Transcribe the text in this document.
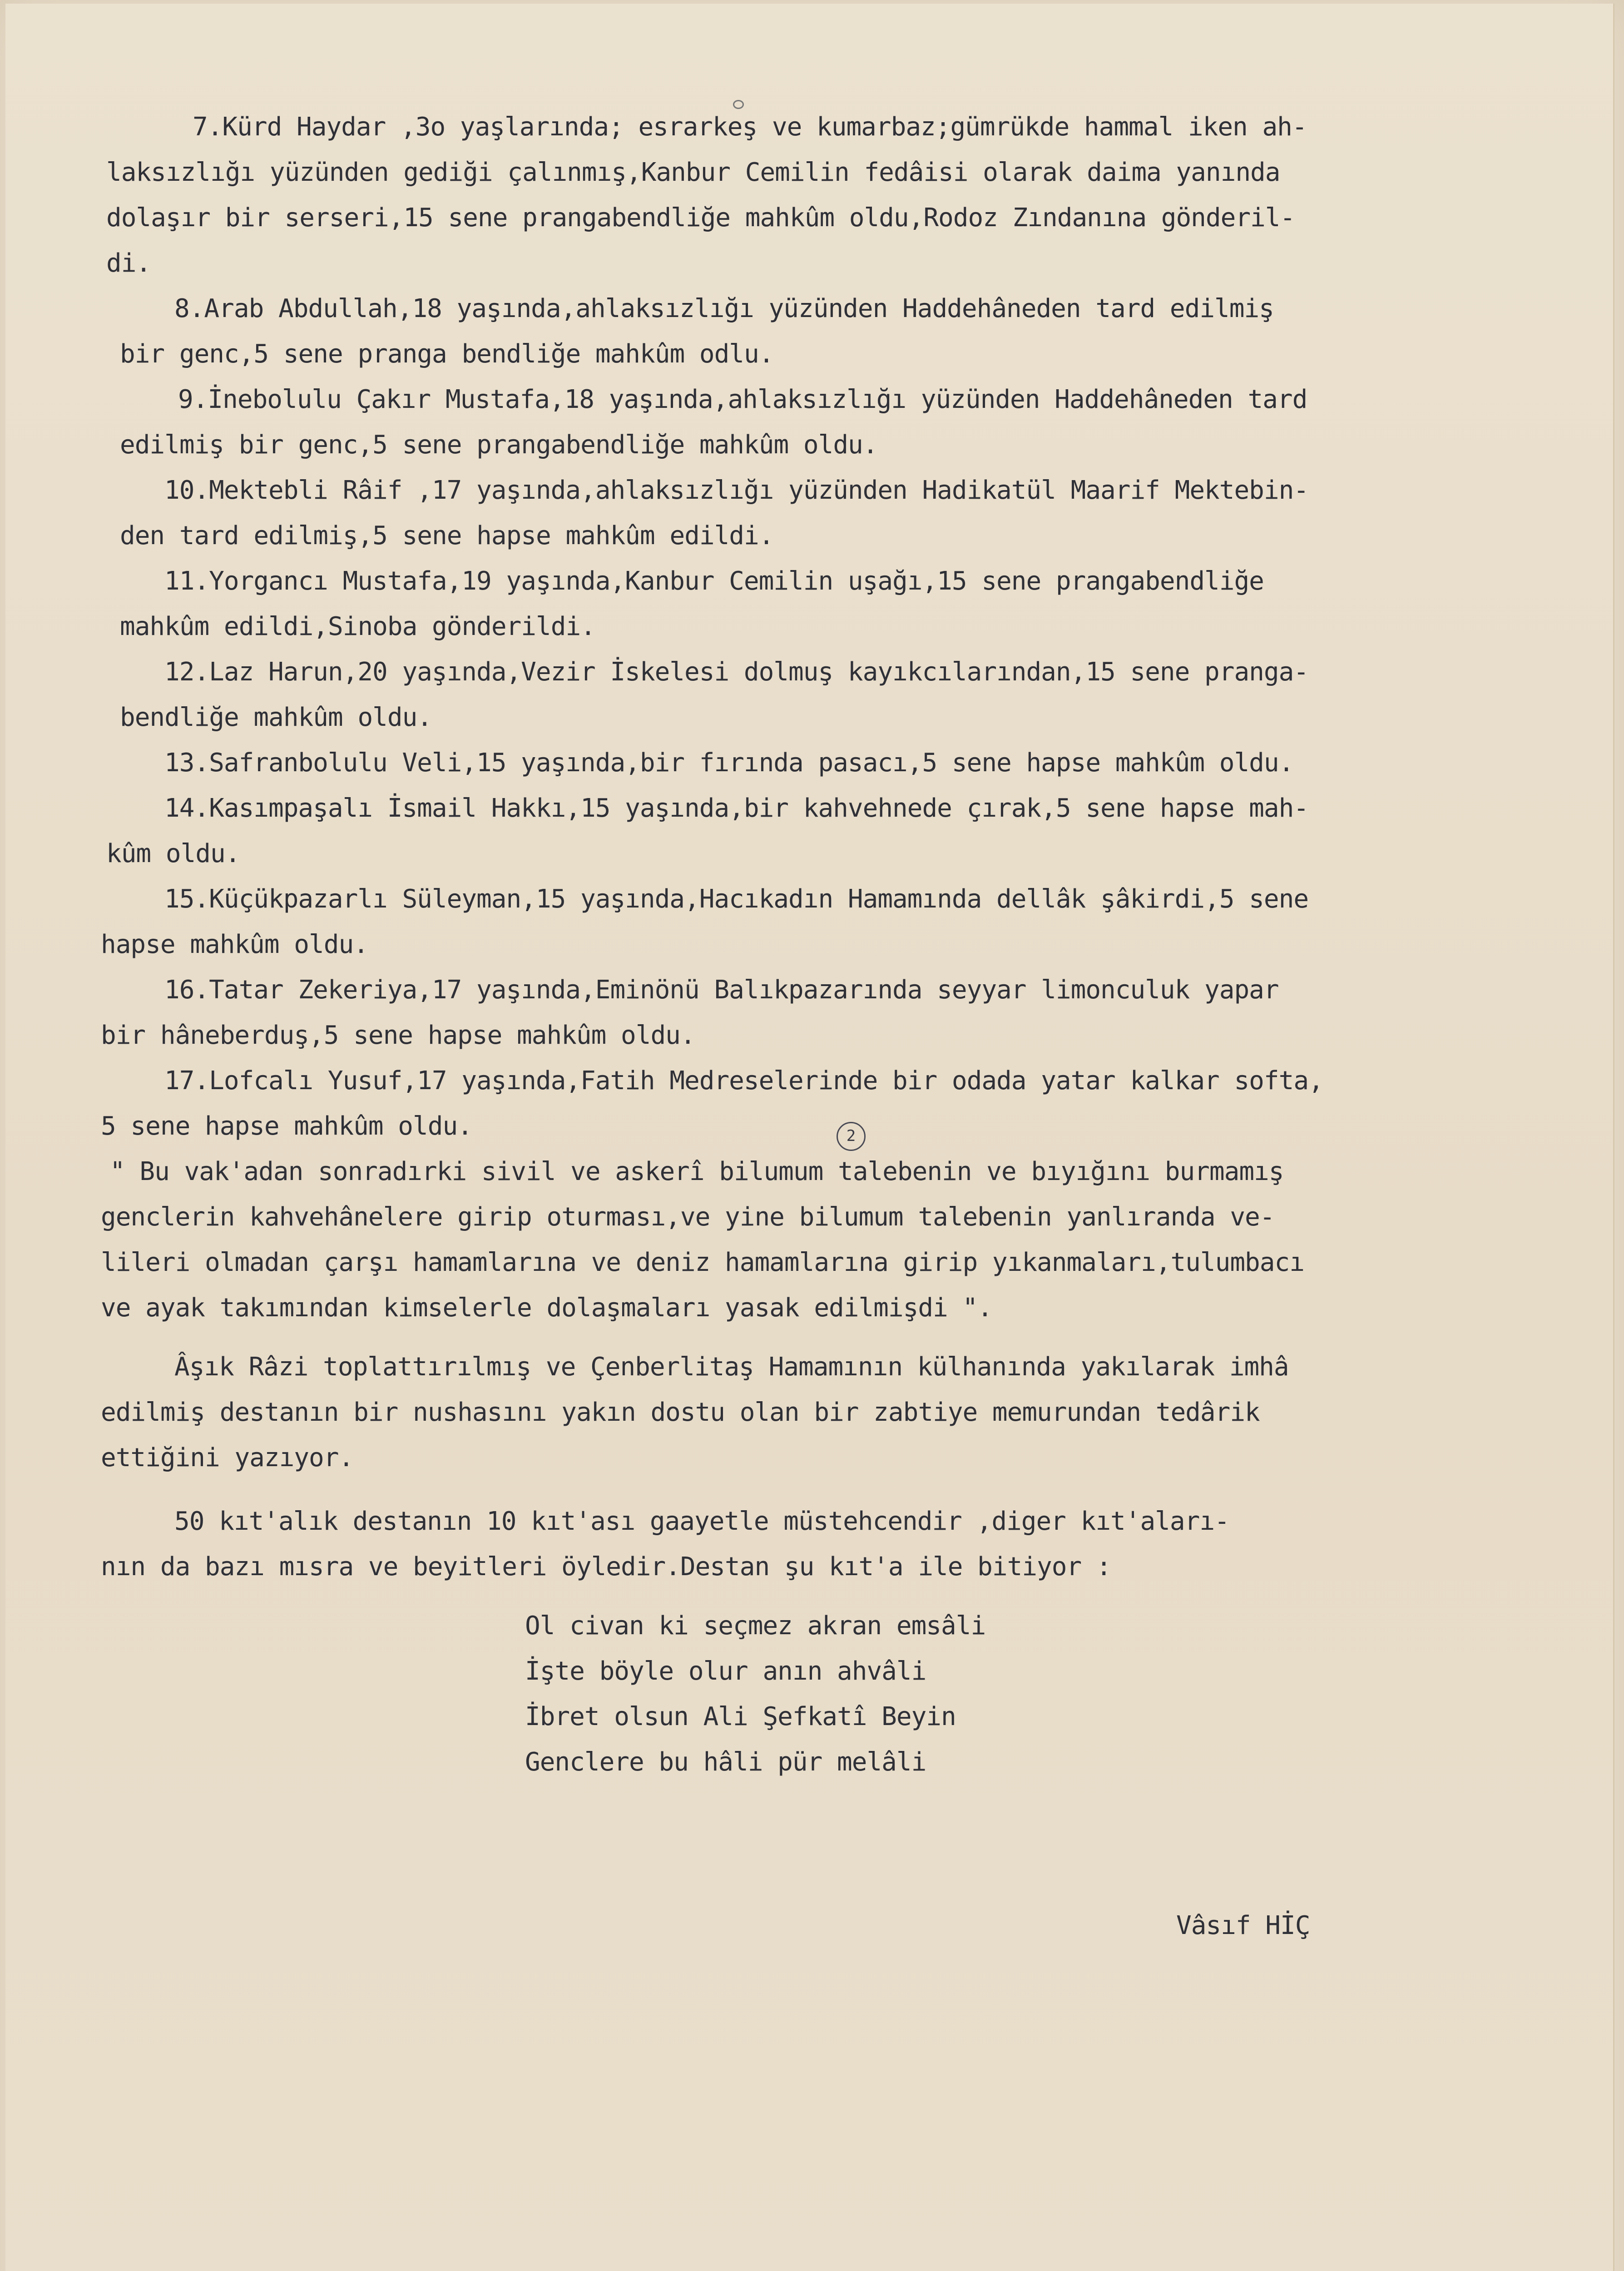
7.Kürd Haydar ,3o yaşlarında; esrarkeş ve kumarbaz;gümrükde hammal iken ah-
laksızlığı yüzünden gediği çalınmış,Kanbur Cemilin fedâisi olarak daima yanında
dolaşır bir serseri,15 sene prangabendliğe mahkûm oldu,Rodoz Zındanına gönderil-
di.
8.Arab Abdullah,18 yaşında,ahlaksızlığı yüzünden Haddehâneden tard edilmiş
bir genc,5 sene pranga bendliğe mahkûm odlu.
9.İnebolulu Çakır Mustafa,18 yaşında,ahlaksızlığı yüzünden Haddehâneden tard
edilmiş bir genc,5 sene prangabendliğe mahkûm oldu.
10.Mektebli Râif ,17 yaşında,ahlaksızlığı yüzünden Hadikatül Maarif Mektebin-
den tard edilmiş,5 sene hapse mahkûm edildi.
11.Yorgancı Mustafa,19 yaşında,Kanbur Cemilin uşağı,15 sene prangabendliğe
mahkûm edildi,Sinoba gönderildi.
12.Laz Harun,20 yaşında,Vezir İskelesi dolmuş kayıkcılarından,15 sene pranga-
bendliğe mahkûm oldu.
13.Safranbolulu Veli,15 yaşında,bir fırında pasacı,5 sene hapse mahkûm oldu.
14.Kasımpaşalı İsmail Hakkı,15 yaşında,bir kahvehnede çırak,5 sene hapse mah-
kûm oldu.
15.Küçükpazarlı Süleyman,15 yaşında,Hacıkadın Hamamında dellâk şâkirdi,5 sene
hapse mahkûm oldu.
16.Tatar Zekeriya,17 yaşında,Eminönü Balıkpazarında seyyar limonculuk yapar
bir hâneberduş,5 sene hapse mahkûm oldu.
17.Lofcalı Yusuf,17 yaşında,Fatih Medreselerinde bir odada yatar kalkar softa,
5 sene hapse mahkûm oldu.	2
" Bu vak'adan sonradırki sivil ve askerî bilumum talebenin ve bıyığını burmamış
genclerin kahvehânelere girip oturması,ve yine bilumum talebenin yanlıranda ve-
lileri olmadan çarşı hamamlarına ve deniz hamamlarına girip yıkanmaları,tulumbacı
ve ayak takımından kimselerle dolaşmaları yasak edilmişdi ".
Âşık Râzi toplattırılmış ve Çenberlitaş Hamamının külhanında yakılarak imhâ
edilmiş destanın bir nushasını yakın dostu olan bir zabtiye memurundan tedârik
ettiğini yazıyor.
50 kıt'alık destanın 10 kıt'ası gaayetle müstehcendir ,diger kıt'aları-
nın da bazı mısra ve beyitleri öyledir.Destan şu kıt'a ile bitiyor :
Ol civan ki seçmez akran emsâli
İşte böyle olur anın ahvâli
İbret olsun Ali Şefkatî Beyin
Genclere bu hâli pür melâli
Vâsıf HİÇ
